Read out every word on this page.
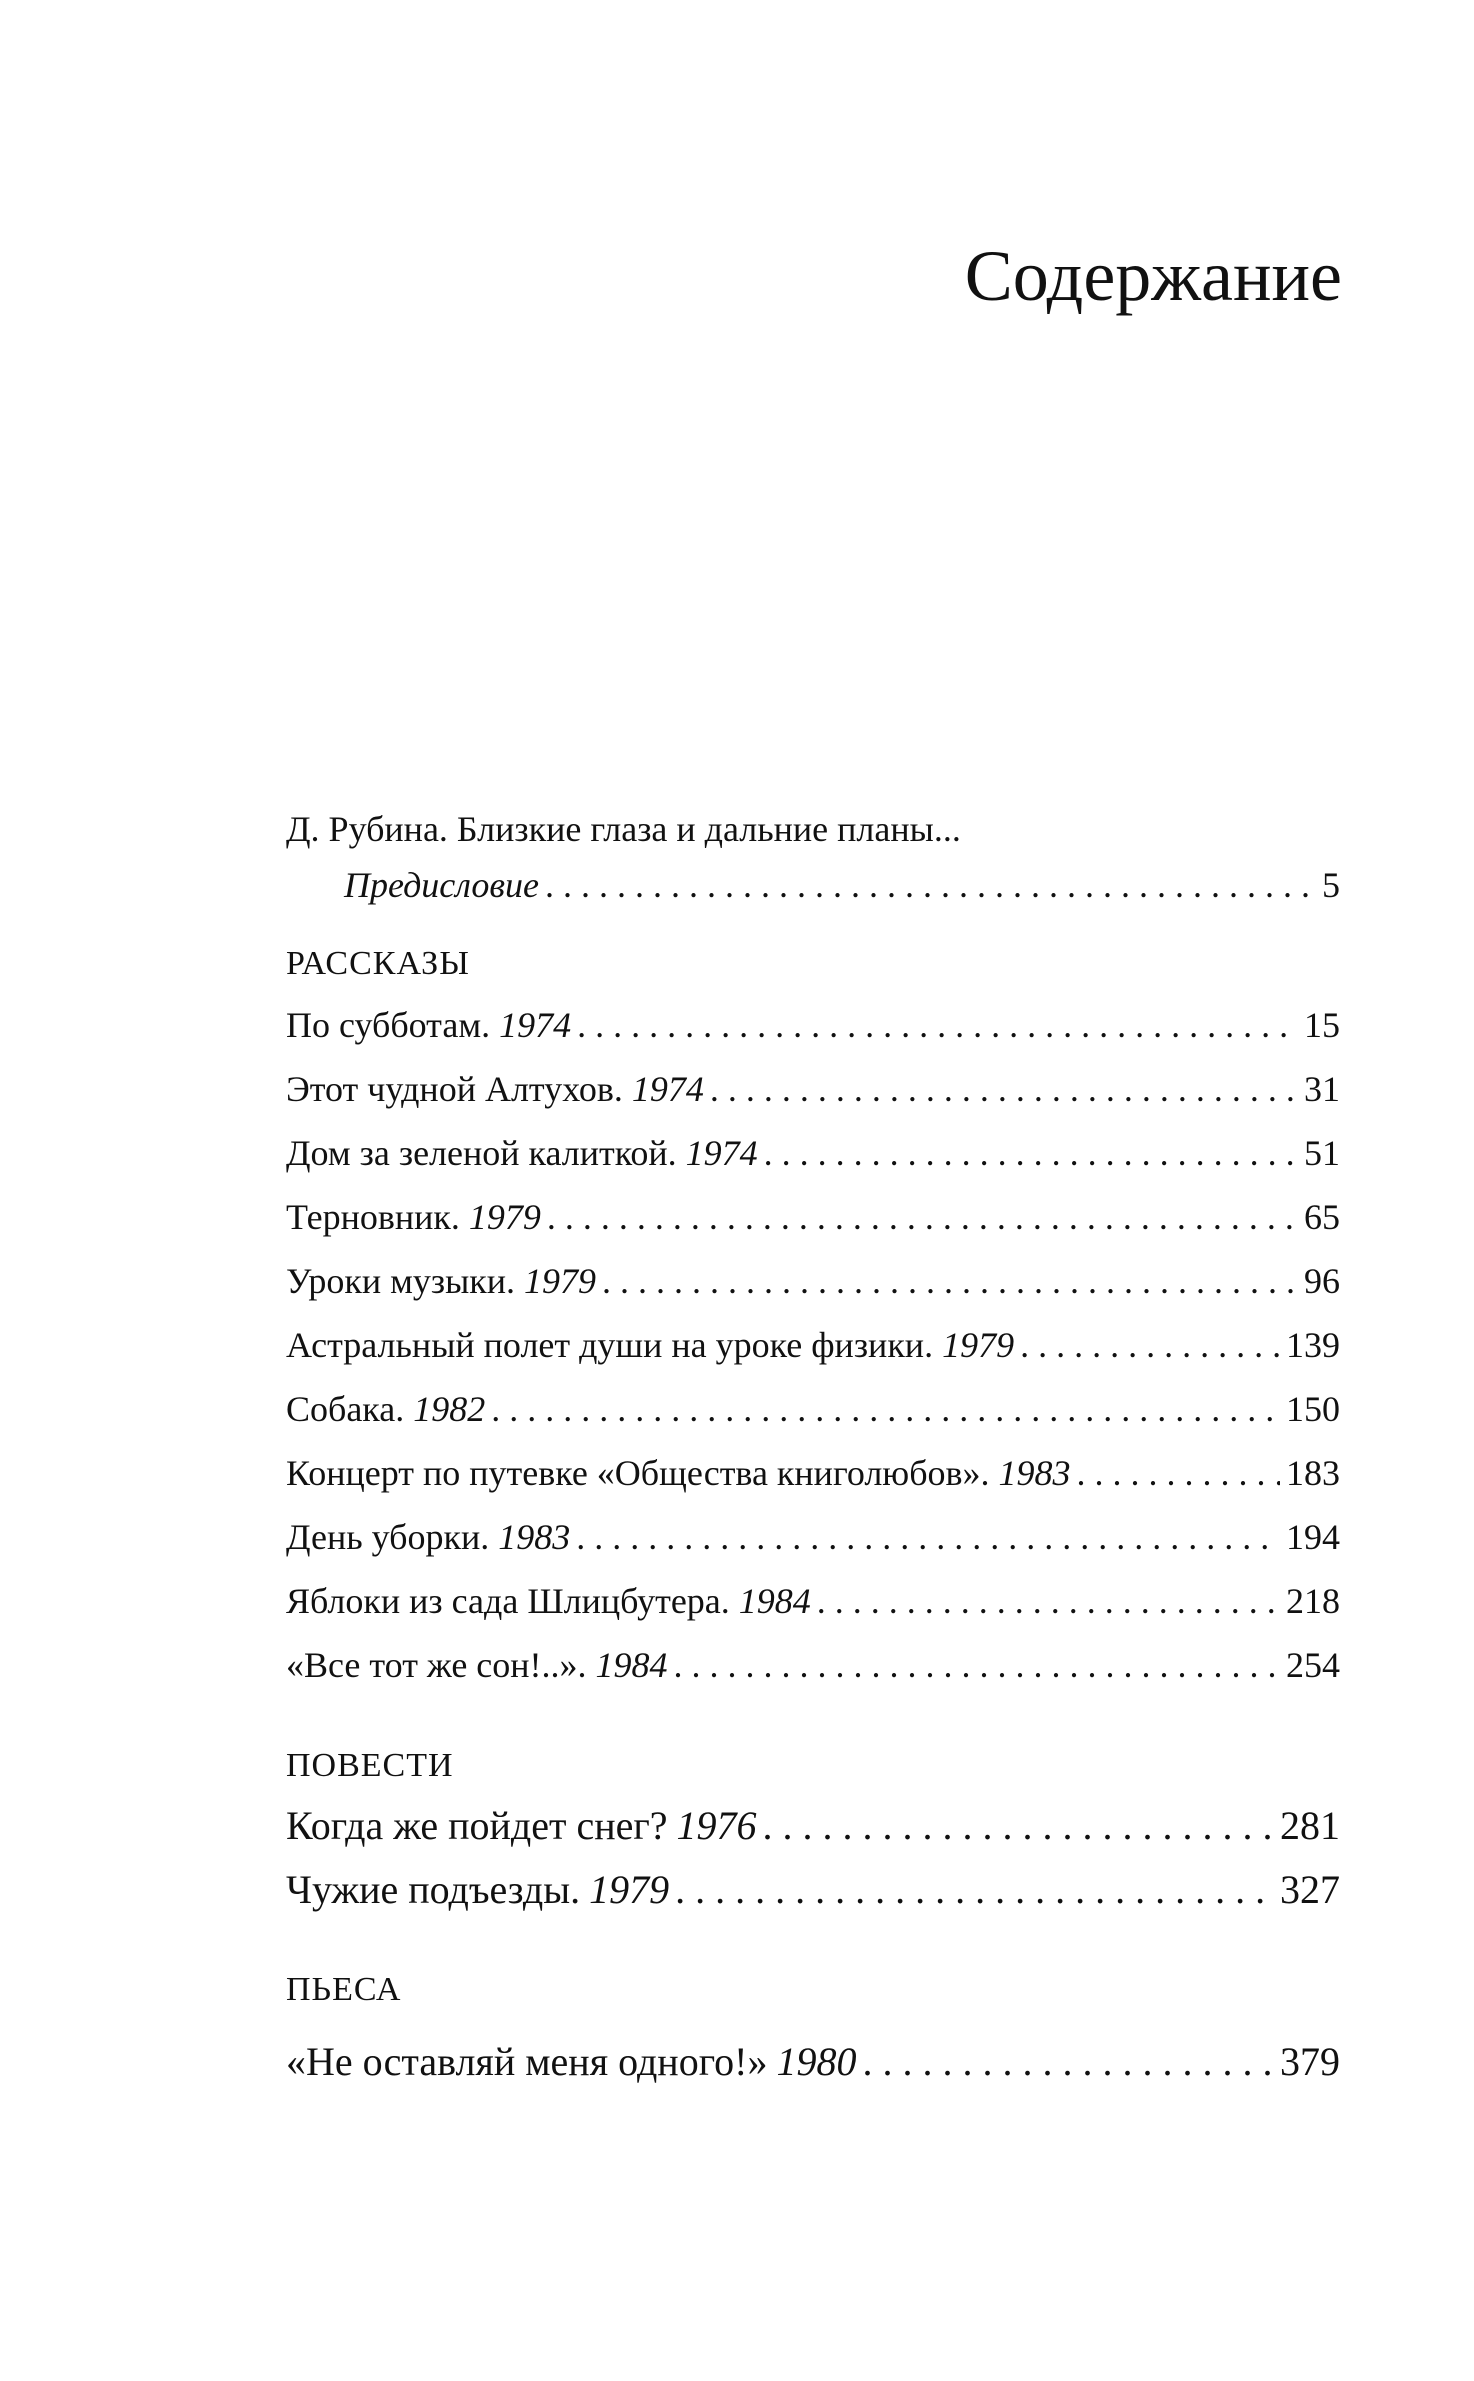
Содержание
Д. Рубина. Близкие глаза и дальние планы...
Предисловие . . .	5
РАССКАЗЫ
По субботам. 1974 . . .	15
Этот чудной Алтухов. 1974 . . .	31
Дом за зеленой калиткой. 1974 . . .	51
Терновник. 1979 . . .	65
Уроки музыки. 1979 . . .	96
Астральный полет души на уроке физики. 1979 . . .	139
Собака. 1982 . . .	150
Концерт по путевке «Общества книголюбов». 1983 . . .	183
День уборки. 1983 . . .	194
Яблоки из сада Шлицбутера. 1984 . . .	218
«Все тот же сон!..». 1984 . . .	254
ПОВЕСТИ
Когда же пойдет снег? 1976 . . .	281
Чужие подъезды. 1979 . . .	327
ПЬЕСА
«Не оставляй меня одного!» 1980 . . .	379
